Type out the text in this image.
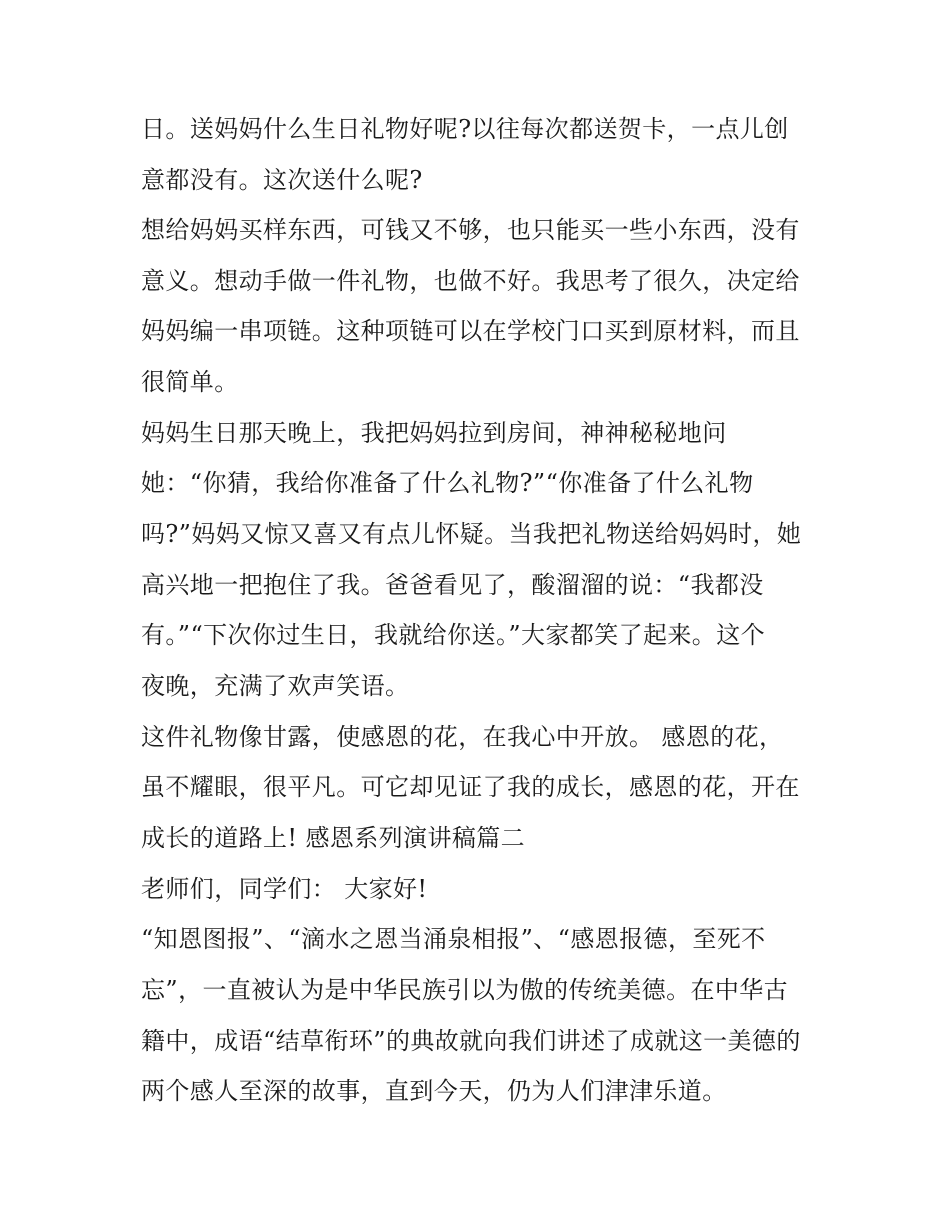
日。送妈妈什么生日礼物好呢?以往每次都送贺卡，一点儿创
意都没有。这次送什么呢?
想给妈妈买样东西，可钱又不够，也只能买一些小东西，没有
意义。想动手做一件礼物，也做不好。我思考了很久，决定给
妈妈编一串项链。这种项链可以在学校门口买到原材料，而且
很简单。
妈妈生日那天晚上，我把妈妈拉到房间，神神秘秘地问
她：“你猜，我给你准备了什么礼物?”“你准备了什么礼物
吗?”妈妈又惊又喜又有点儿怀疑。当我把礼物送给妈妈时，她
高兴地一把抱住了我。爸爸看见了，酸溜溜的说：“我都没
有。”“下次你过生日，我就给你送。”大家都笑了起来。这个
夜晚，充满了欢声笑语。
这件礼物像甘露，使感恩的花，在我心中开放。 感恩的花，
虽不耀眼，很平凡。可它却见证了我的成长，感恩的花，开在
成长的道路上! 感恩系列演讲稿篇二
老师们，同学们： 大家好!
“知恩图报”、“滴水之恩当涌泉相报”、“感恩报德，至死不
忘”，一直被认为是中华民族引以为傲的传统美德。在中华古
籍中，成语“结草衔环”的典故就向我们讲述了成就这一美德的
两个感人至深的故事，直到今天，仍为人们津津乐道。
